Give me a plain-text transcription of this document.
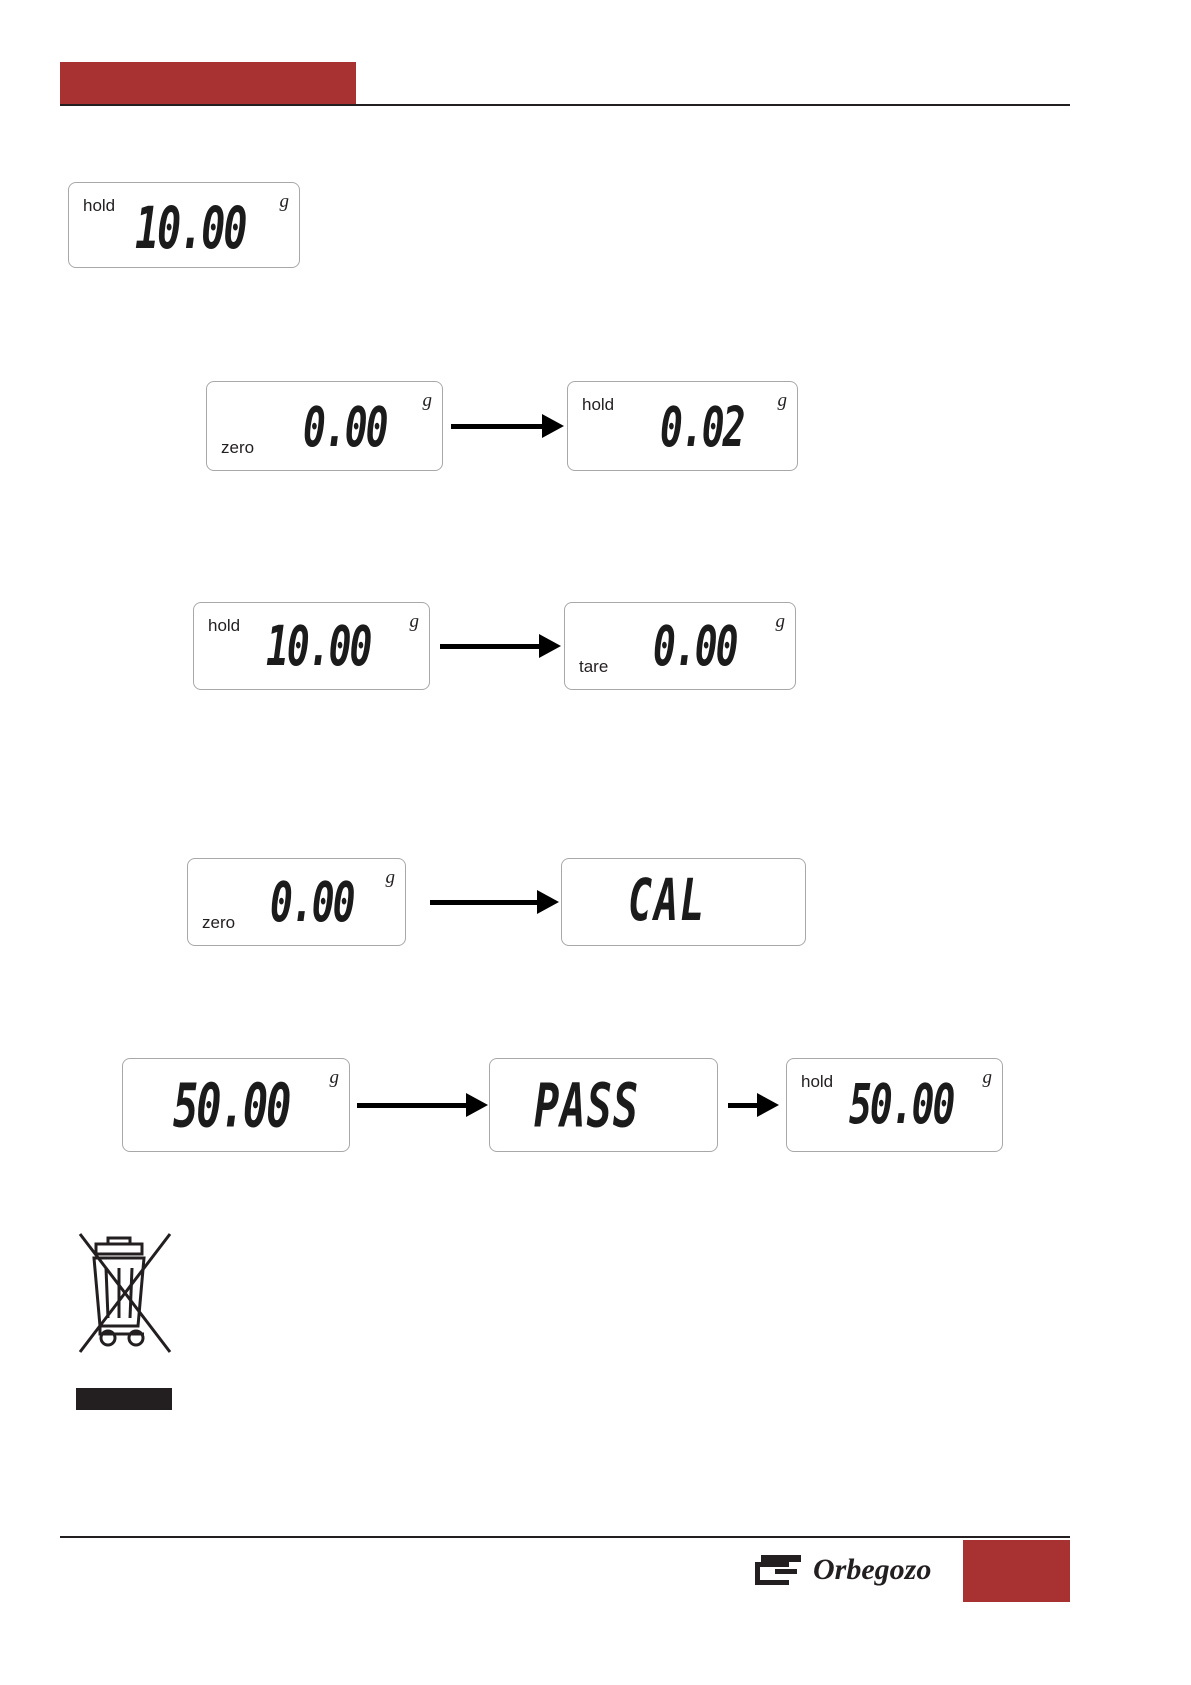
hold 10.00 g
zero 0.00 g	hold 0.02 g
hold 10.00 g
tare 0.00 g
zero 0.00 g	CAL
50.00 g	PASS	hold 50.00 g
Orbegozo
